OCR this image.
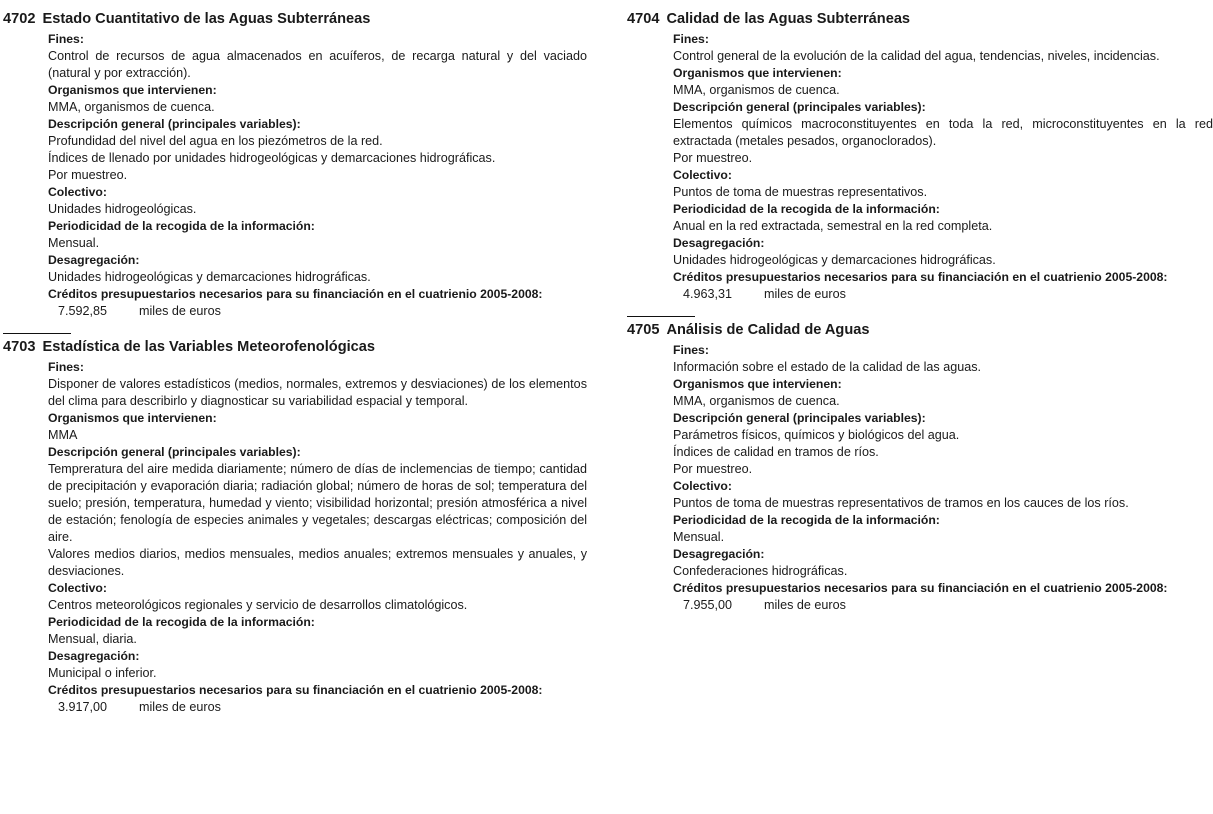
4702 Estado Cuantitativo de las Aguas Subterráneas
Fines:
Control de recursos de agua almacenados en acuíferos, de recarga natural y del vaciado (natural y por extracción).
Organismos que intervienen:
MMA, organismos de cuenca.
Descripción general (principales variables):
Profundidad del nivel del agua en los piezómetros de la red.
Índices de llenado por unidades hidrogeológicas y demarcaciones hidrográficas.
Por muestreo.
Colectivo:
Unidades hidrogeológicas.
Periodicidad de la recogida de la información:
Mensual.
Desagregación:
Unidades hidrogeológicas y demarcaciones hidrográficas.
Créditos presupuestarios necesarios para su financiación en el cuatrienio 2005-2008:
7.592,85	miles de euros
4703 Estadística de las Variables Meteorofenológicas
Fines:
Disponer de valores estadísticos (medios, normales, extremos y desviaciones) de los elementos del clima para describirlo y diagnosticar su variabilidad espacial y temporal.
Organismos que intervienen:
MMA
Descripción general (principales variables):
Tempreratura del aire medida diariamente; número de días de inclemencias de tiempo; cantidad de precipitación y evaporación diaria; radiación global; número de horas de sol; temperatura del suelo; presión, temperatura, humedad y viento; visibilidad horizontal; presión atmosférica a nivel de estación; fenología de especies animales y vegetales; descargas eléctricas; composición del aire.
Valores medios diarios, medios mensuales, medios anuales; extremos mensuales y anuales, y desviaciones.
Colectivo:
Centros meteorológicos regionales y servicio de desarrollos climatológicos.
Periodicidad de la recogida de la información:
Mensual, diaria.
Desagregación:
Municipal o inferior.
Créditos presupuestarios necesarios para su financiación en el cuatrienio 2005-2008:
3.917,00	miles de euros
4704 Calidad de las Aguas Subterráneas
Fines:
Control general de la evolución de la calidad del agua, tendencias, niveles, incidencias.
Organismos que intervienen:
MMA, organismos de cuenca.
Descripción general (principales variables):
Elementos químicos macroconstituyentes en toda la red, microconstituyentes en la red extractada (metales pesados, organoclorados).
Por muestreo.
Colectivo:
Puntos de toma de muestras representativos.
Periodicidad de la recogida de la información:
Anual en la red extractada, semestral en la red completa.
Desagregación:
Unidades hidrogeológicas y demarcaciones hidrográficas.
Créditos presupuestarios necesarios para su financiación en el cuatrienio 2005-2008:
4.963,31	miles de euros
4705 Análisis de Calidad de Aguas
Fines:
Información sobre el estado de la calidad de las aguas.
Organismos que intervienen:
MMA, organismos de cuenca.
Descripción general (principales variables):
Parámetros físicos, químicos y biológicos del agua.
Índices de calidad en tramos de ríos.
Por muestreo.
Colectivo:
Puntos de toma de muestras representativos de tramos en los cauces de los ríos.
Periodicidad de la recogida de la información:
Mensual.
Desagregación:
Confederaciones hidrográficas.
Créditos presupuestarios necesarios para su financiación en el cuatrienio 2005-2008:
7.955,00	miles de euros
